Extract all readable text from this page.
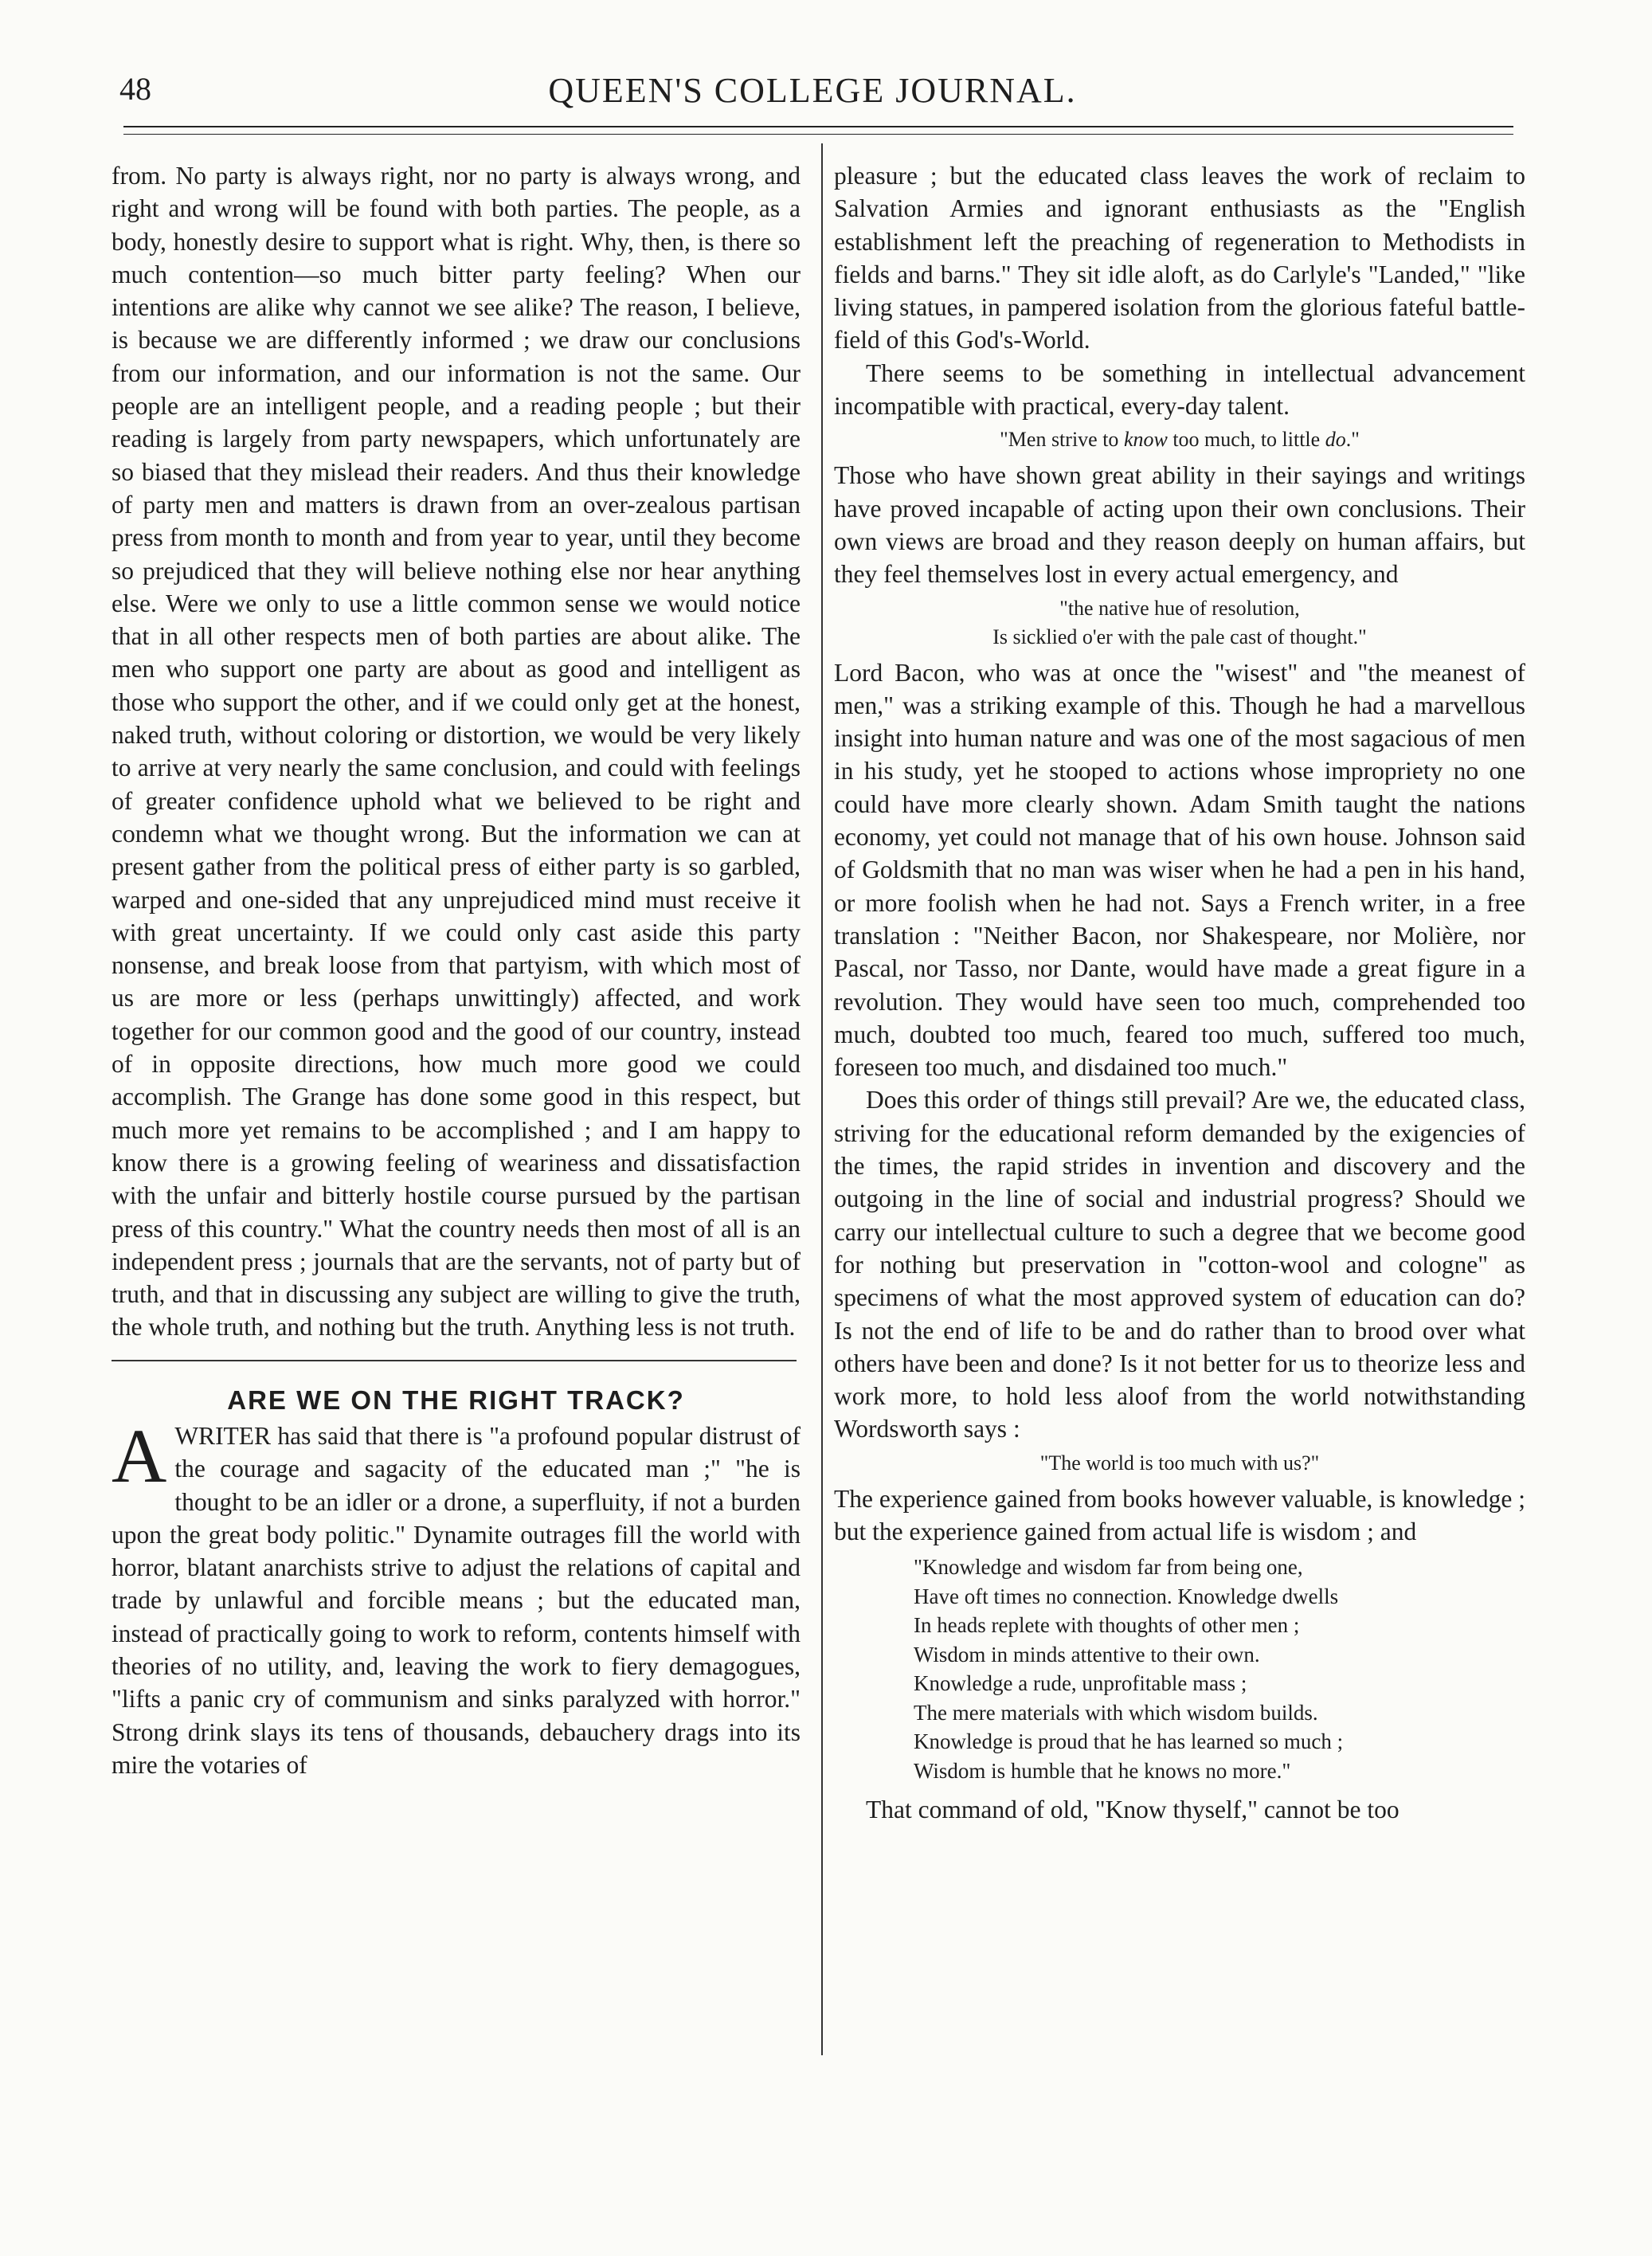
48	QUEEN'S COLLEGE JOURNAL.

from. No party is always right, nor no party is always wrong, and right and wrong will be found with both parties. The people, as a body, honestly desire to support what is right. Why, then, is there so much contention—so much bitter party feeling? When our intentions are alike why cannot we see alike? The reason, I believe, is because we are differently informed ; we draw our conclusions from our information, and our information is not the same. Our people are an intelligent people, and a reading people ; but their reading is largely from party newspapers, which unfortunately are so biased that they mislead their readers. And thus their knowledge of party men and matters is drawn from an over-zealous partisan press from month to month and from year to year, until they become so prejudiced that they will believe nothing else nor hear anything else. Were we only to use a little common sense we would notice that in all other respects men of both parties are about alike. The men who support one party are about as good and intelligent as those who support the other, and if we could only get at the honest, naked truth, without coloring or distortion, we would be very likely to arrive at very nearly the same conclusion, and could with feelings of greater confidence uphold what we believed to be right and condemn what we thought wrong. But the information we can at present gather from the political press of either party is so garbled, warped and one-sided that any unprejudiced mind must receive it with great uncertainty. If we could only cast aside this party nonsense, and break loose from that partyism, with which most of us are more or less (perhaps unwittingly) affected, and work together for our common good and the good of our country, instead of in opposite directions, how much more good we could accomplish. The Grange has done some good in this respect, but much more yet remains to be accomplished ; and I am happy to know there is a growing feeling of weariness and dissatisfaction with the unfair and bitterly hostile course pursued by the partisan press of this country." What the country needs then most of all is an independent press ; journals that are the servants, not of party but of truth, and that in discussing any subject are willing to give the truth, the whole truth, and nothing but the truth. Anything less is not truth.

ARE WE ON THE RIGHT TRACK?

AWRITER has said that there is "a profound popular distrust of the courage and sagacity of the educated man ;" "he is thought to be an idler or a drone, a superfluity, if not a burden upon the great body politic." Dynamite outrages fill the world with horror, blatant anarchists strive to adjust the relations of capital and trade by unlawful and forcible means ; but the educated man, instead of practically going to work to reform, contents himself with theories of no utility, and, leaving the work to fiery demagogues, "lifts a panic cry of communism and sinks paralyzed with horror." Strong drink slays its tens of thousands, debauchery drags into its mire the votaries of

pleasure ; but the educated class leaves the work of reclaim to Salvation Armies and ignorant enthusiasts as the "English establishment left the preaching of regeneration to Methodists in fields and barns." They sit idle aloft, as do Carlyle's "Landed," "like living statues, in pampered isolation from the glorious fateful battle-field of this God's-World.

There seems to be something in intellectual advancement incompatible with practical, every-day talent.

"Men strive to know too much, to little do."

Those who have shown great ability in their sayings and writings have proved incapable of acting upon their own conclusions. Their own views are broad and they reason deeply on human affairs, but they feel themselves lost in every actual emergency, and

"the native hue of resolution,
Is sicklied o'er with the pale cast of thought."

Lord Bacon, who was at once the "wisest" and "the meanest of men," was a striking example of this. Though he had a marvellous insight into human nature and was one of the most sagacious of men in his study, yet he stooped to actions whose impropriety no one could have more clearly shown. Adam Smith taught the nations economy, yet could not manage that of his own house. Johnson said of Goldsmith that no man was wiser when he had a pen in his hand, or more foolish when he had not. Says a French writer, in a free translation : "Neither Bacon, nor Shakespeare, nor Molière, nor Pascal, nor Tasso, nor Dante, would have made a great figure in a revolution. They would have seen too much, comprehended too much, doubted too much, feared too much, suffered too much, foreseen too much, and disdained too much."

Does this order of things still prevail? Are we, the educated class, striving for the educational reform demanded by the exigencies of the times, the rapid strides in invention and discovery and the outgoing in the line of social and industrial progress? Should we carry our intellectual culture to such a degree that we become good for nothing but preservation in "cotton-wool and cologne" as specimens of what the most approved system of education can do? Is not the end of life to be and do rather than to brood over what others have been and done? Is it not better for us to theorize less and work more, to hold less aloof from the world notwithstanding Wordsworth says :

"The world is too much with us?"

The experience gained from books however valuable, is knowledge ; but the experience gained from actual life is wisdom ; and

"Knowledge and wisdom far from being one,
Have oft times no connection. Knowledge dwells
In heads replete with thoughts of other men ;
Wisdom in minds attentive to their own.
Knowledge a rude, unprofitable mass ;
The mere materials with which wisdom builds.
Knowledge is proud that he has learned so much ;
Wisdom is humble that he knows no more."

That command of old, "Know thyself," cannot be too
